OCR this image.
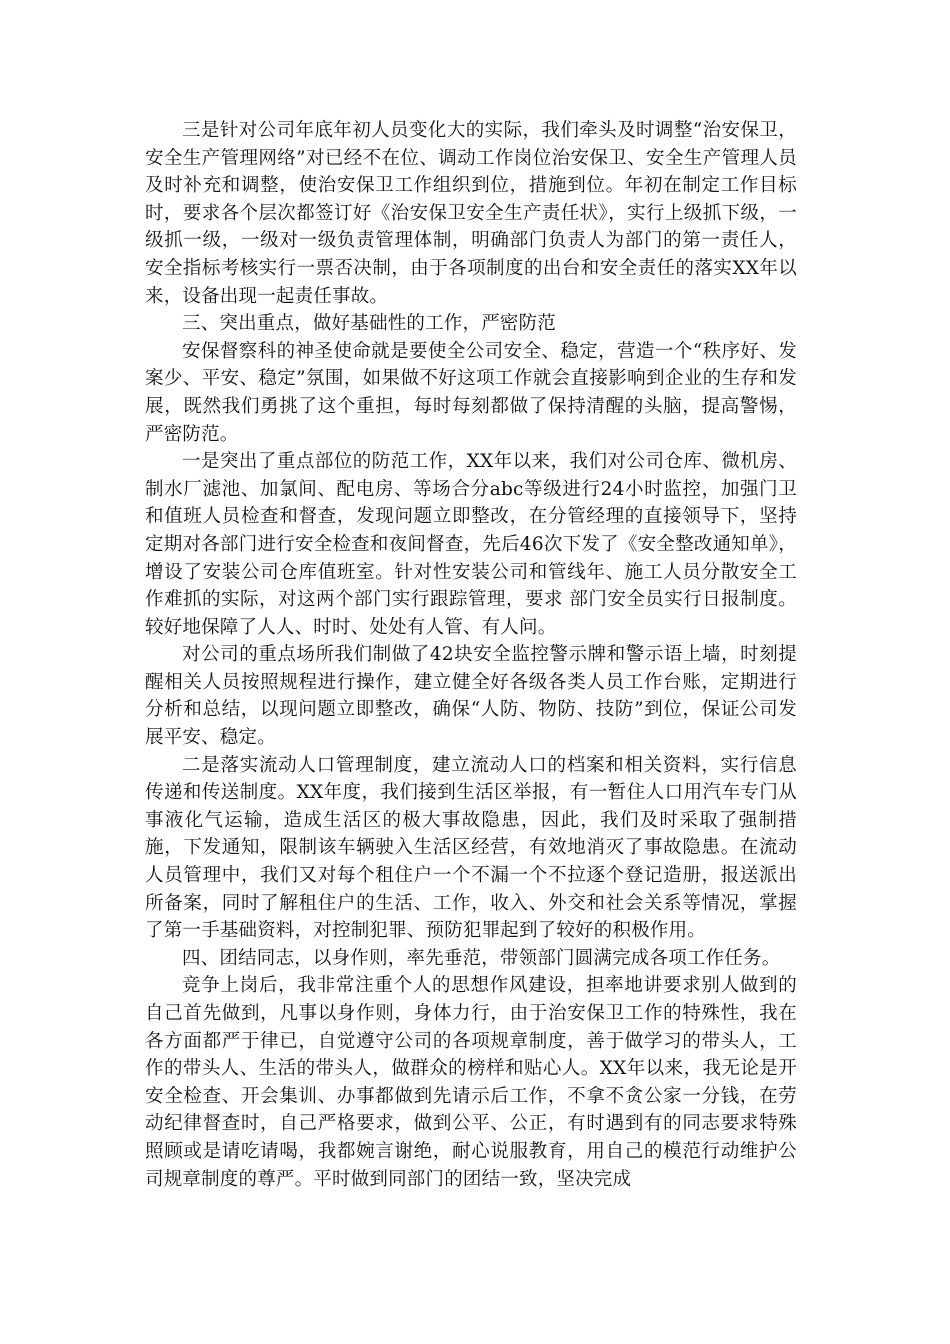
三是针对公司年底年初人员变化大的实际，我们牵头及时调整“治安保卫，安全生产管理网络”对已经不在位、调动工作岗位治安保卫、安全生产管理人员及时补充和调整，使治安保卫工作组织到位，措施到位。年初在制定工作目标时，要求各个层次都签订好《治安保卫安全生产责任状》，实行上级抓下级，一级抓一级，一级对一级负责管理体制，明确部门负责人为部门的第一责任人，安全指标考核实行一票否决制，由于各项制度的出台和安全责任的落实XX年以来，设备出现一起责任事故。

三、突出重点，做好基础性的工作，严密防范

安保督察科的神圣使命就是要使全公司安全、稳定，营造一个“秩序好、发案少、平安、稳定”氛围，如果做不好这项工作就会直接影响到企业的生存和发展，既然我们勇挑了这个重担，每时每刻都做了保持清醒的头脑，提高警惕，严密防范。

一是突出了重点部位的防范工作，XX年以来，我们对公司仓库、微机房、制水厂滤池、加氯间、配电房、等场合分abc等级进行24小时监控，加强门卫和值班人员检查和督查，发现问题立即整改，在分管经理的直接领导下，坚持定期对各部门进行安全检查和夜间督查，先后46次下发了《安全整改通知单》，增设了安装公司仓库值班室。针对性安装公司和管线年、施工人员分散安全工作难抓的实际，对这两个部门实行跟踪管理，要求 部门安全员实行日报制度。较好地保障了人人、时时、处处有人管、有人问。

对公司的重点场所我们制做了42块安全监控警示牌和警示语上墙，时刻提醒相关人员按照规程进行操作，建立健全好各级各类人员工作台账，定期进行分析和总结，以现问题立即整改，确保“人防、物防、技防”到位，保证公司发展平安、稳定。

二是落实流动人口管理制度，建立流动人口的档案和相关资料，实行信息传递和传送制度。XX年度，我们接到生活区举报，有一暂住人口用汽车专门从事液化气运输，造成生活区的极大事故隐患，因此，我们及时采取了强制措施，下发通知，限制该车辆驶入生活区经营，有效地消灭了事故隐患。在流动人员管理中，我们又对每个租住户一个不漏一个不拉逐个登记造册，报送派出所备案，同时了解租住户的生活、工作，收入、外交和社会关系等情况，掌握了第一手基础资料，对控制犯罪、预防犯罪起到了较好的积极作用。

四、团结同志，以身作则，率先垂范，带领部门圆满完成各项工作任务。

竞争上岗后，我非常注重个人的思想作风建设，担率地讲要求别人做到的自己首先做到，凡事以身作则，身体力行，由于治安保卫工作的特殊性，我在各方面都严于律已，自觉遵守公司的各项规章制度，善于做学习的带头人，工作的带头人、生活的带头人，做群众的榜样和贴心人。XX年以来，我无论是开安全检查、开会集训、办事都做到先请示后工作，不拿不贪公家一分钱，在劳动纪律督查时，自己严格要求，做到公平、公正，有时遇到有的同志要求特殊照顾或是请吃请喝，我都婉言谢绝，耐心说服教育，用自己的模范行动维护公司规章制度的尊严。平时做到同部门的团结一致，坚决完成
